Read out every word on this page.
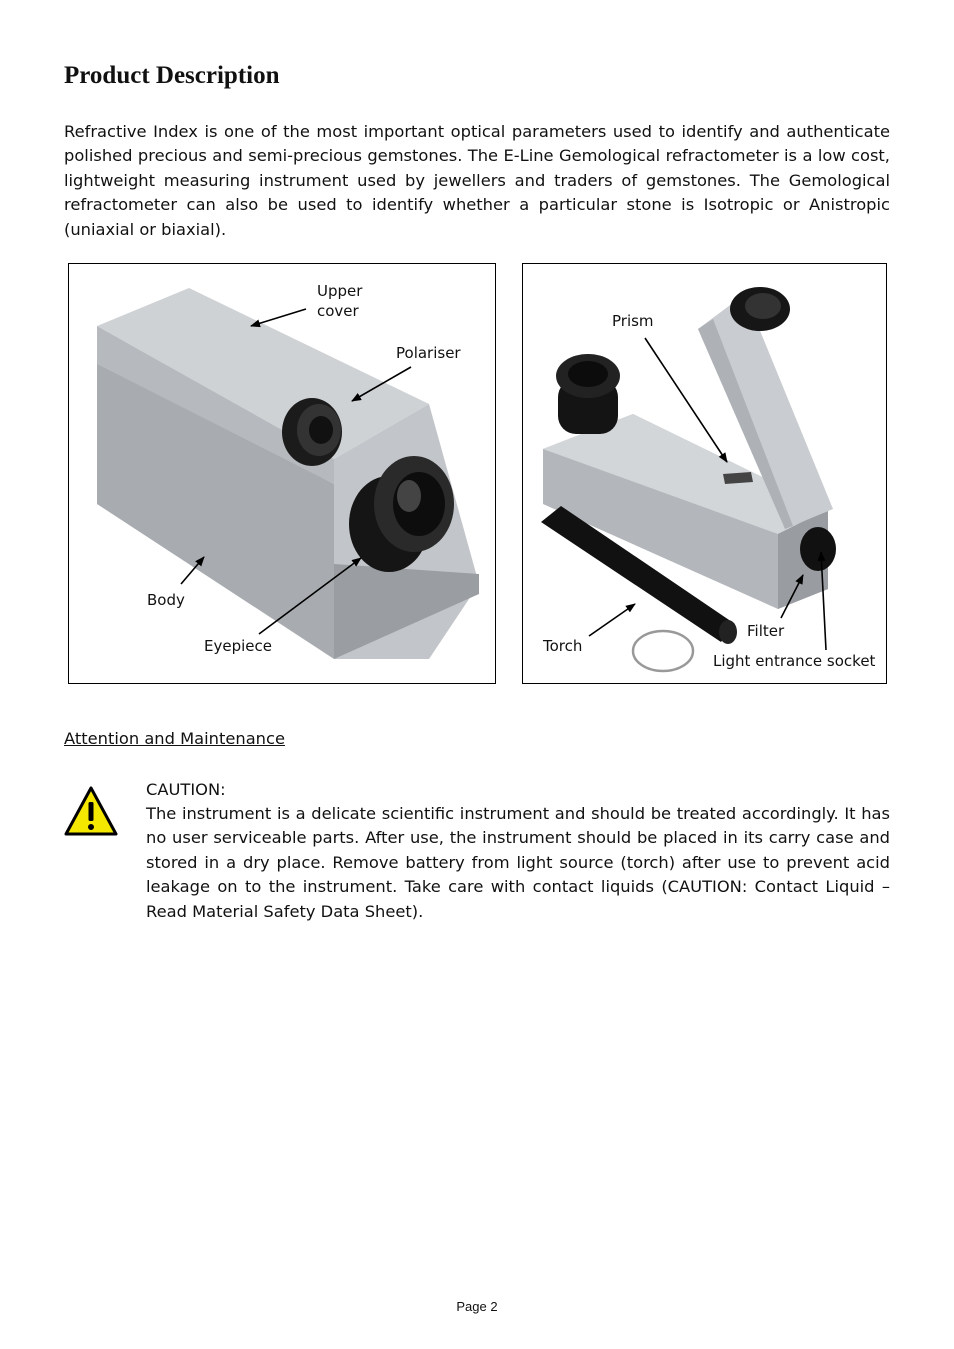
Product Description

Refractive Index is one of the most important optical parameters used to identify and authenticate polished precious and semi-precious gemstones. The E-Line Gemological refractometer is a low cost, lightweight measuring instrument used by jewellers and traders of gemstones. The Gemological refractometer can also be used to identify whether a particular stone is Isotropic or Anistropic (uniaxial or biaxial).

Upper
cover
Polariser
Body
Eyepiece
Prism
Torch
Filter
Light entrance socket
Attention and Maintenance
CAUTION:

The instrument is a delicate scientific instrument and should be treated accordingly. It has no user serviceable parts. After use, the instrument should be placed in its carry case and stored in a dry place. Remove battery from light source (torch) after use to prevent acid leakage on to the instrument. Take care with contact liquids (CAUTION: Contact Liquid – Read Material Safety Data Sheet).

Page 2
